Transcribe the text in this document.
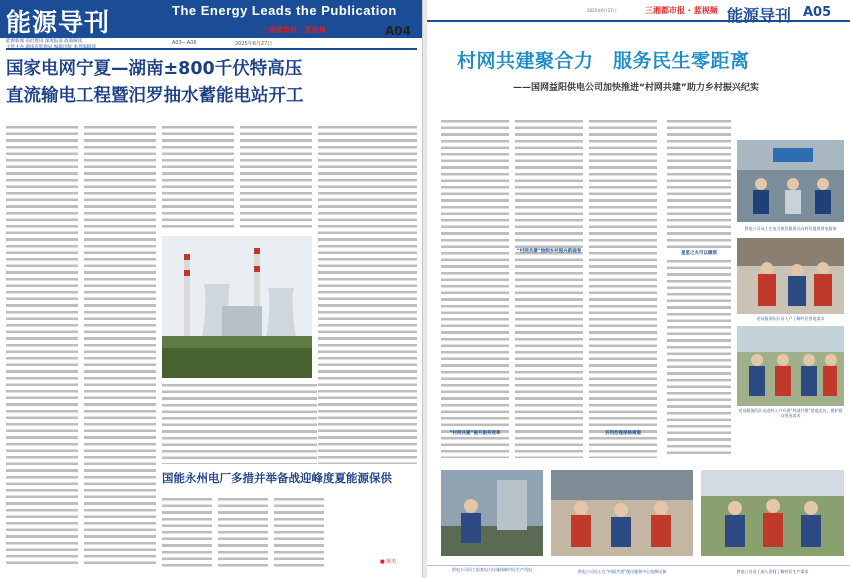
能源导刊	The Energy Leads the Publication
能源新闻 前沿资讯 深度报道 政策解读	A03—A06	2025年6月27日
三湘都市报 · 蓝视频	A04
国家电网宁夏—湖南±800千伏特高压
直流输电工程暨汨罗抽水蓄能电站开工
国能永州电厂多措并举备战迎峰度夏能源保供
■ 陈杰
2025年6月27日	三湘都市报 · 蓝视频 能源导刊 A05
村网共建聚合力　服务民生零距离
——国网益阳供电公司加快推进“村网共建”助力乡村振兴纪实
“村网共建”绘制乡村振兴新画卷
“村网共建”提升服务效率
星星之火可以燎原
共同治理保畅通道
供电公司员工在电力便民服务点向村民提供用电服务
党员服务队队员入户了解村民用电需求
党员服务队队员进村入户开展“村网共建”进度走访，维护群众用电诉求
供电公司员工检查电力设施保障村民生产用电	供电公司员工在“村网共建”便民服务中心检修设备	供电公司员工深入田间了解村民生产需求
